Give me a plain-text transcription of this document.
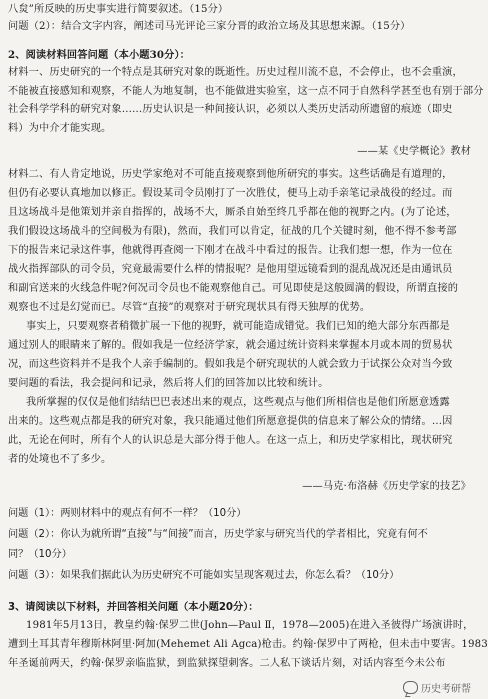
八炱”所反映的历史事实进行简要叙述。（15分）
问题（2）：结合文字内容，阐述司马光评论三家分晋的政治立场及其思想来源。（15分）
2、阅读材料回答问题（本小题30分）：
材料一、历史研究的一个特点是其研究对象的既逝性。历史过程川流不息，不会停止，也不会重演，
不能被直接感知和观察，不能人为地复制，也不能做进实验室，这一点不同于自然科学甚至也有别于部分
社会科学学科的研究对象……历史认识是一种间接认识，必须以人类历史活动所遗留的痕迹（即史
料）为中介才能实现。
——某《史学概论》教材
材料二、有人肯定地说，历史学家绝对不可能直接观察到他所研究的事实。这些话确是有道理的，
但仍有必要认真地加以修正。假设某司令员刚打了一次胜仗，便马上动手亲笔记录战役的经过。而
且这场战斗是他策划并亲自指挥的，战场不大，厮杀自始至终几乎都在他的视野之内。(为了论述，
我们假设这场战斗的空间极为有限)，然而，我们可以肯定，征战的几个关键时刻，他不得不参考部
下的报告来记录这件事，他就得再查阅一下刚才在战斗中看过的报告。让我们想一想，作为一位在
战火指挥部队的司令员，究竟最需要什么样的情报呢？是他用望远镜看到的混乱战况还是由通讯员
和副官送来的火线急件呢?何况司令员也不能观察他自己。可见即使是这般圆满的假设，所谓直接的
观察也不过是幻觉而已。尽管“直接”的观察对于研究现状具有得天独厚的优势。
事实上，只要观察者稍微扩展一下他的视野，就可能造成错觉。我们已知的绝大部分东西都是
通过别人的眼睛来了解的。假如我是一位经济学家，就会通过统计资料来掌握本月或本周的贸易状
况，而这些资料并不是我个人亲手编制的。假如我是个研究现状的人就会致力于试探公众对当今致
要问题的看法，我会提问和记录，然后将人们的回答加以比较和统计。
我所掌握的仅仅是他们结结巴巴表述出来的观点，这些观点与他们所相信也是他们所愿意透露
出来的。这些观点都是我的研究对象，我只能通过他们所愿意提供的信息来了解公众的情绪。…因
此，无论在何时，所有个人的认识总是大部分得于他人。在这一点上，和历史学家相比，现状研究
者的处境也不了多少。
——马克·布洛赫《历史学家的技艺》
问题（1）：两则材料中的观点有何不一样？（10分）
问题（2）：你认为就所谓“直接”与“间接”而言，历史学家与研究当代的学者相比，究竟有何不
同？（10分）
问题（3）：如果我们据此认为历史研究不可能如实呈现客观过去，你怎么看？（10分）
3、请阅读以下材料，并回答相关问题（本小题20分）：
1981年5月13日，教皇约翰·保罗二世(John—Paul Ⅱ，1978—2005)在进入圣彼得广场演讲时，
遭到土耳其青年穆斯林阿里·阿加(Mehemet Ali Agca)枪击。约翰·保罗中了两枪，但未击中要害。1983
年圣诞前两天，约翰·保罗亲临监狱，到监狱探望刺客。二人私下谈话片刻，对话内容至今未公布
历史考研帮
